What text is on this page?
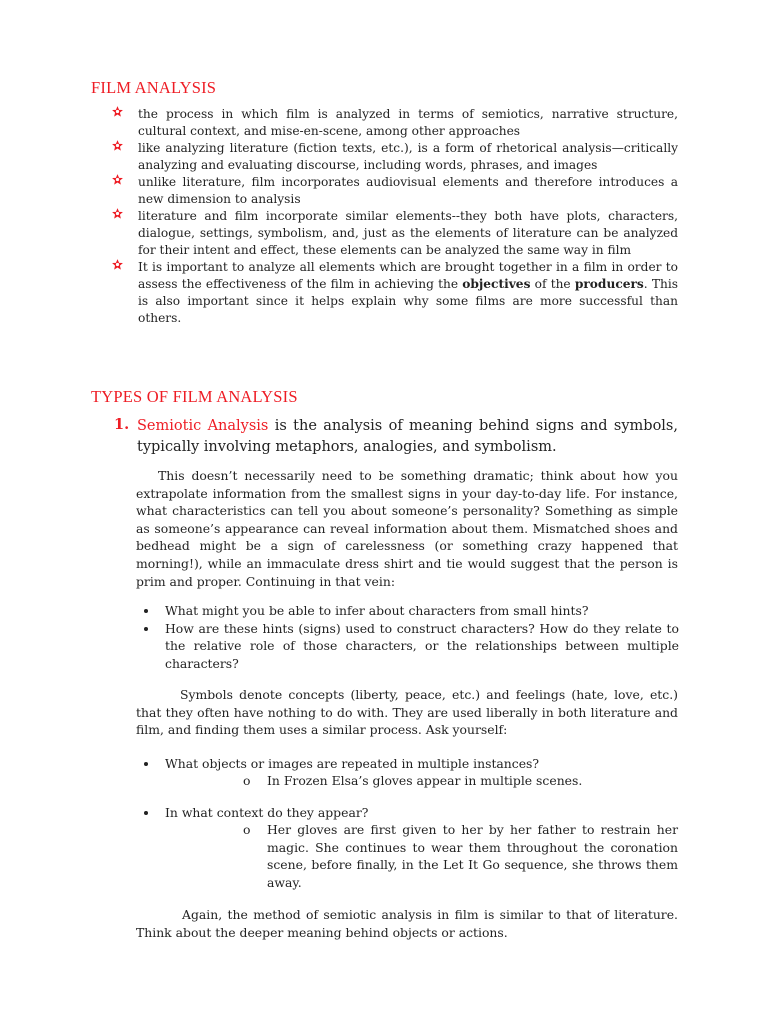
FILM ANALYSIS
the process in which film is analyzed in terms of semiotics, narrative structure, cultural context, and mise-en-scene, among other approaches
like analyzing literature (fiction texts, etc.), is a form of rhetorical analysis—critically analyzing and evaluating discourse, including words, phrases, and images
unlike literature, film incorporates audiovisual elements and therefore introduces a new dimension to analysis
literature and film incorporate similar elements--they both have plots, characters, dialogue, settings, symbolism, and, just as the elements of literature can be analyzed for their intent and effect, these elements can be analyzed the same way in film
It is important to analyze all elements which are brought together in a film in order to assess the effectiveness of the film in achieving the objectives of the producers. This is also important since it helps explain why some films are more successful than others.
TYPES OF FILM ANALYSIS
1. Semiotic Analysis is the analysis of meaning behind signs and symbols, typically involving metaphors, analogies, and symbolism.

This doesn’t necessarily need to be something dramatic; think about how you extrapolate information from the smallest signs in your day-to-day life. For instance, what characteristics can tell you about someone’s personality? Something as simple as someone’s appearance can reveal information about them. Mismatched shoes and bedhead might be a sign of carelessness (or something crazy happened that morning!), while an immaculate dress shirt and tie would suggest that the person is prim and proper. Continuing in that vein:

What might you be able to infer about characters from small hints?
How are these hints (signs) used to construct characters? How do they relate to the relative role of those characters, or the relationships between multiple characters?

Symbols denote concepts (liberty, peace, etc.) and feelings (hate, love, etc.) that they often have nothing to do with. They are used liberally in both literature and film, and finding them uses a similar process. Ask yourself:

What objects or images are repeated in multiple instances?
o In Frozen Elsa’s gloves appear in multiple scenes.
In what context do they appear?
o Her gloves are first given to her by her father to restrain her magic. She continues to wear them throughout the coronation scene, before finally, in the Let It Go sequence, she throws them away.

Again, the method of semiotic analysis in film is similar to that of literature. Think about the deeper meaning behind objects or actions.
